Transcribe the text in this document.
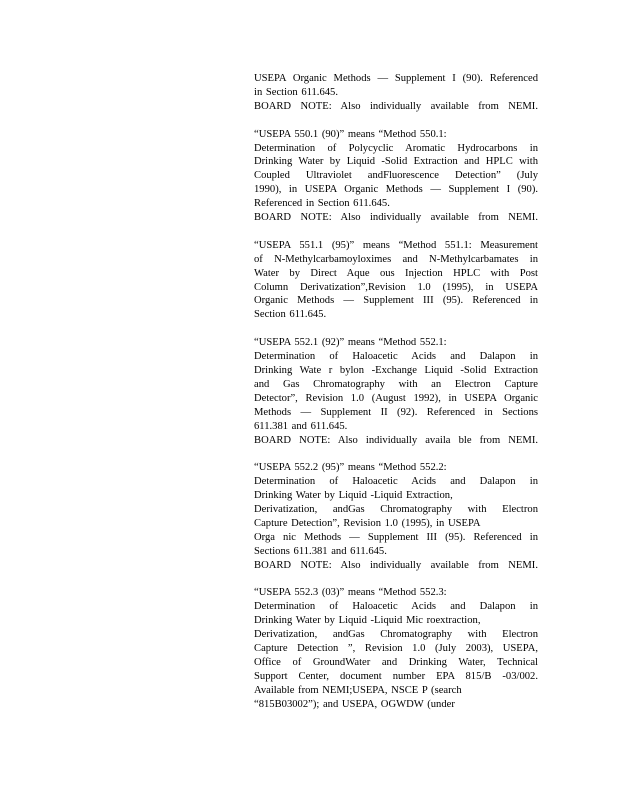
USEPA Organic Methods — Supplement I (90). Referenced
in Section 611.645.
BOARD NOTE: Also individually available from NEMI.
“USEPA 550.1 (90)” means “Method 550.1:
Determination of Polycyclic Aromatic Hydrocarbons in
Drinking Water by Liquid -Solid Extraction and HPLC with
Coupled Ultraviolet andFluorescence Detection” (July
1990), in USEPA Organic Methods — Supplement I (90).
Referenced in Section 611.645.
BOARD NOTE: Also individually available from NEMI.
“USEPA 551.1 (95)” means “Method 551.1: Measurement
of N-Methylcarbamoyloximes and N-Methylcarbamates in
Water by Direct Aque ous Injection HPLC with Post
Column Derivatization”,Revision 1.0 (1995), in USEPA
Organic Methods — Supplement III (95). Referenced in
Section 611.645.
“USEPA 552.1 (92)” means “Method 552.1:
Determination of Haloacetic Acids and Dalapon in
Drinking Wate r bylon -Exchange Liquid -Solid Extraction
and Gas Chromatography with an Electron Capture
Detector”, Revision 1.0 (August 1992), in USEPA Organic
Methods — Supplement II (92). Referenced in Sections
611.381 and 611.645.
BOARD NOTE: Also individually availa ble from NEMI.
“USEPA 552.2 (95)” means “Method 552.2:
Determination of Haloacetic Acids and Dalapon in
Drinking Water by Liquid -Liquid Extraction,
Derivatization, andGas Chromatography with Electron
Capture Detection”, Revision 1.0 (1995), in USEPA
Orga nic Methods — Supplement III (95). Referenced in
Sections 611.381 and 611.645.
BOARD NOTE: Also individually available from NEMI.
“USEPA 552.3 (03)” means “Method 552.3:
Determination of Haloacetic Acids and Dalapon in
Drinking Water by Liquid -Liquid Mic roextraction,
Derivatization, andGas Chromatography with Electron
Capture Detection ”, Revision 1.0 (July 2003), USEPA,
Office of GroundWater and Drinking Water, Technical
Support Center, document number EPA 815/B -03/002.
Available from NEMI;USEPA, NSCE P (search
“815B03002”); and USEPA, OGWDW (under
